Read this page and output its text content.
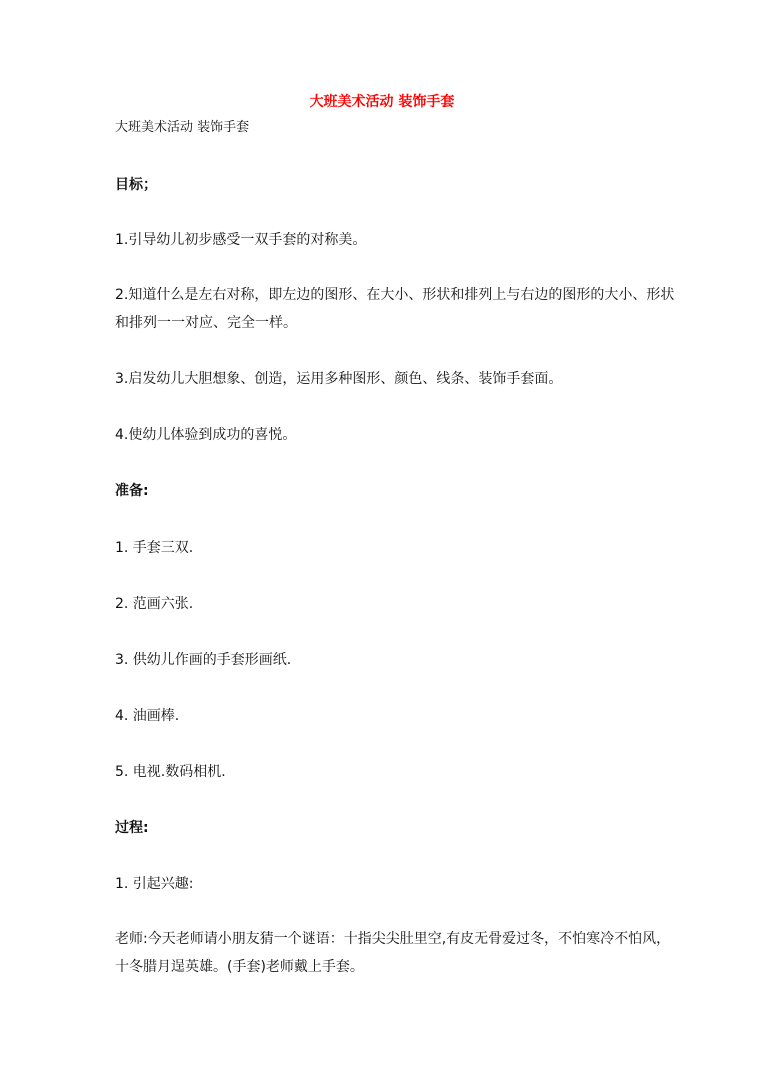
大班美术活动 装饰手套

大班美术活动 装饰手套

目标；

1.引导幼儿初步感受一双手套的对称美。

2.知道什么是左右对称，即左边的图形、在大小、形状和排列上与右边的图形的大小、形状和排列一一对应、完全一样。

3.启发幼儿大胆想象、创造，运用多种图形、颜色、线条、装饰手套面。

4.使幼儿体验到成功的喜悦。

准备:

1. 手套三双.

2. 范画六张.

3. 供幼儿作画的手套形画纸.

4. 油画棒.

5. 电视.数码相机.

过程:

1. 引起兴趣:

老师:今天老师请小朋友猜一个谜语：十指尖尖肚里空,有皮无骨爱过冬，不怕寒冷不怕风，十冬腊月逞英雄。(手套)老师戴上手套。
